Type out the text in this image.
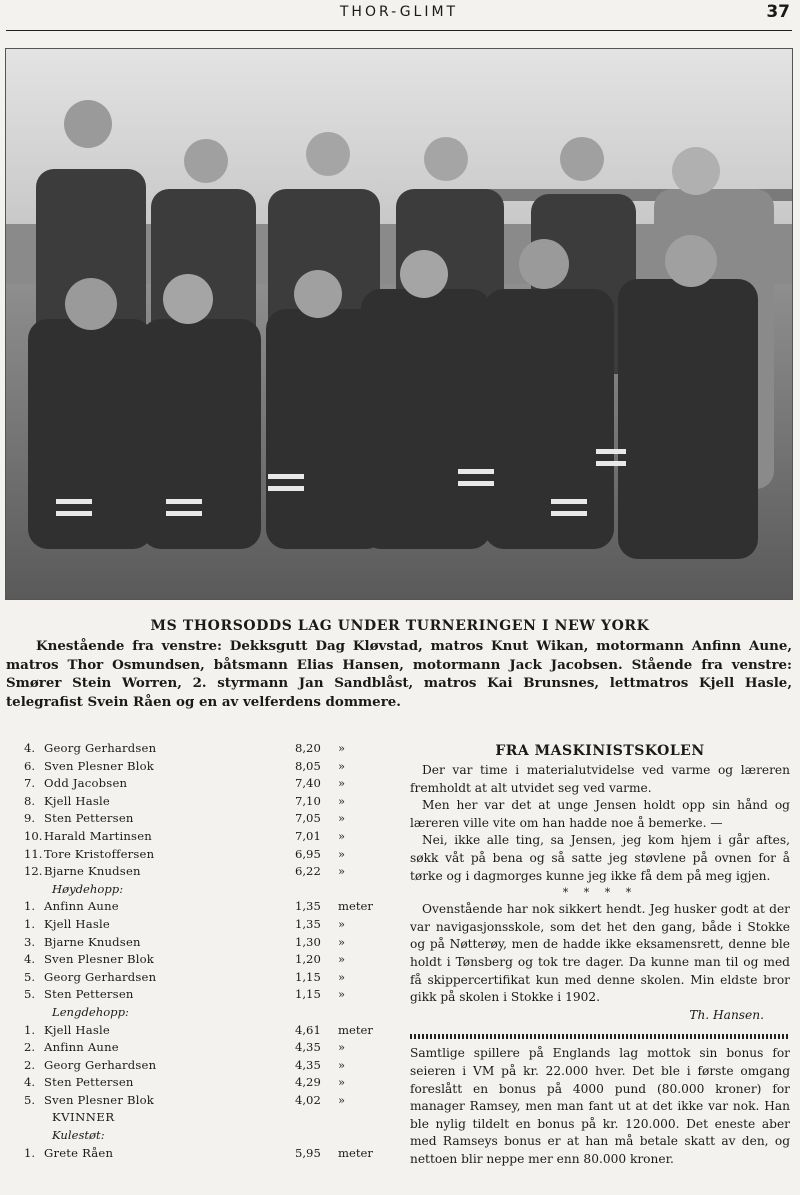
THOR-GLIMT	37
MS THORSODDS LAG UNDER TURNERINGEN I NEW YORK

Knestående fra venstre: Dekksgutt Dag Kløvstad, matros Knut Wikan, motormann Anfinn Aune, matros Thor Osmundsen, båtsmann Elias Hansen, motormann Jack Jacobsen. Stående fra venstre: Smører Stein Worren, 2. styrmann Jan Sandblåst, matros Kai Brunsnes, lettmatros Kjell Hasle, telegrafist Svein Råen og en av velferdens dommere.

4. Georg Gerhardsen	8,20 »
6. Sven Plesner Blok	8,05 »
7. Odd Jacobsen	7,40 »
8. Kjell Hasle	7,10 »
9. Sten Pettersen	7,05 »
10. Harald Martinsen	7,01 »
11. Tore Kristoffersen	6,95 »
12. Bjarne Knudsen	6,22 »
Høydehopp:
1. Anfinn Aune	1,35 meter
1. Kjell Hasle	1,35 »
3. Bjarne Knudsen	1,30 »
4. Sven Plesner Blok	1,20 »
5. Georg Gerhardsen	1,15 »
5. Sten Pettersen	1,15 »
Lengdehopp:
1. Kjell Hasle	4,61 meter
2. Anfinn Aune	4,35 »
2. Georg Gerhardsen	4,35 »
4. Sten Pettersen	4,29 »
5. Sven Plesner Blok	4,02 »
KVINNER
Kulestøt:
1. Grete Råen	5,95 meter
FRA MASKINISTSKOLEN

Der var time i materialutvidelse ved varme og læreren fremholdt at alt utvidet seg ved varme.

Men her var det at unge Jensen holdt opp sin hånd og læreren ville vite om han hadde noe å bemerke. —

Nei, ikke alle ting, sa Jensen, jeg kom hjem i går aftes, søkk våt på bena og så satte jeg støvlene på ovnen for å tørke og i dagmorges kunne jeg ikke få dem på meg igjen.

* * * *

Ovenstående har nok sikkert hendt. Jeg husker godt at der var navigasjonsskole, som det het den gang, både i Stokke og på Nøtterøy, men de hadde ikke eksamensrett, denne ble holdt i Tønsberg og tok tre dager. Da kunne man til og med få skippercertifikat kun med denne skolen. Min eldste bror gikk på skolen i Stokke i 1902.

Th. Hansen.

Samtlige spillere på Englands lag mottok sin bonus for seieren i VM på kr. 22.000 hver. Det ble i første omgang foreslått en bonus på 4000 pund (80.000 kroner) for manager Ramsey, men man fant ut at det ikke var nok. Han ble nylig tildelt en bonus på kr. 120.000. Det eneste aber med Ramseys bonus er at han må betale skatt av den, og nettoen blir neppe mer enn 80.000 kroner.
